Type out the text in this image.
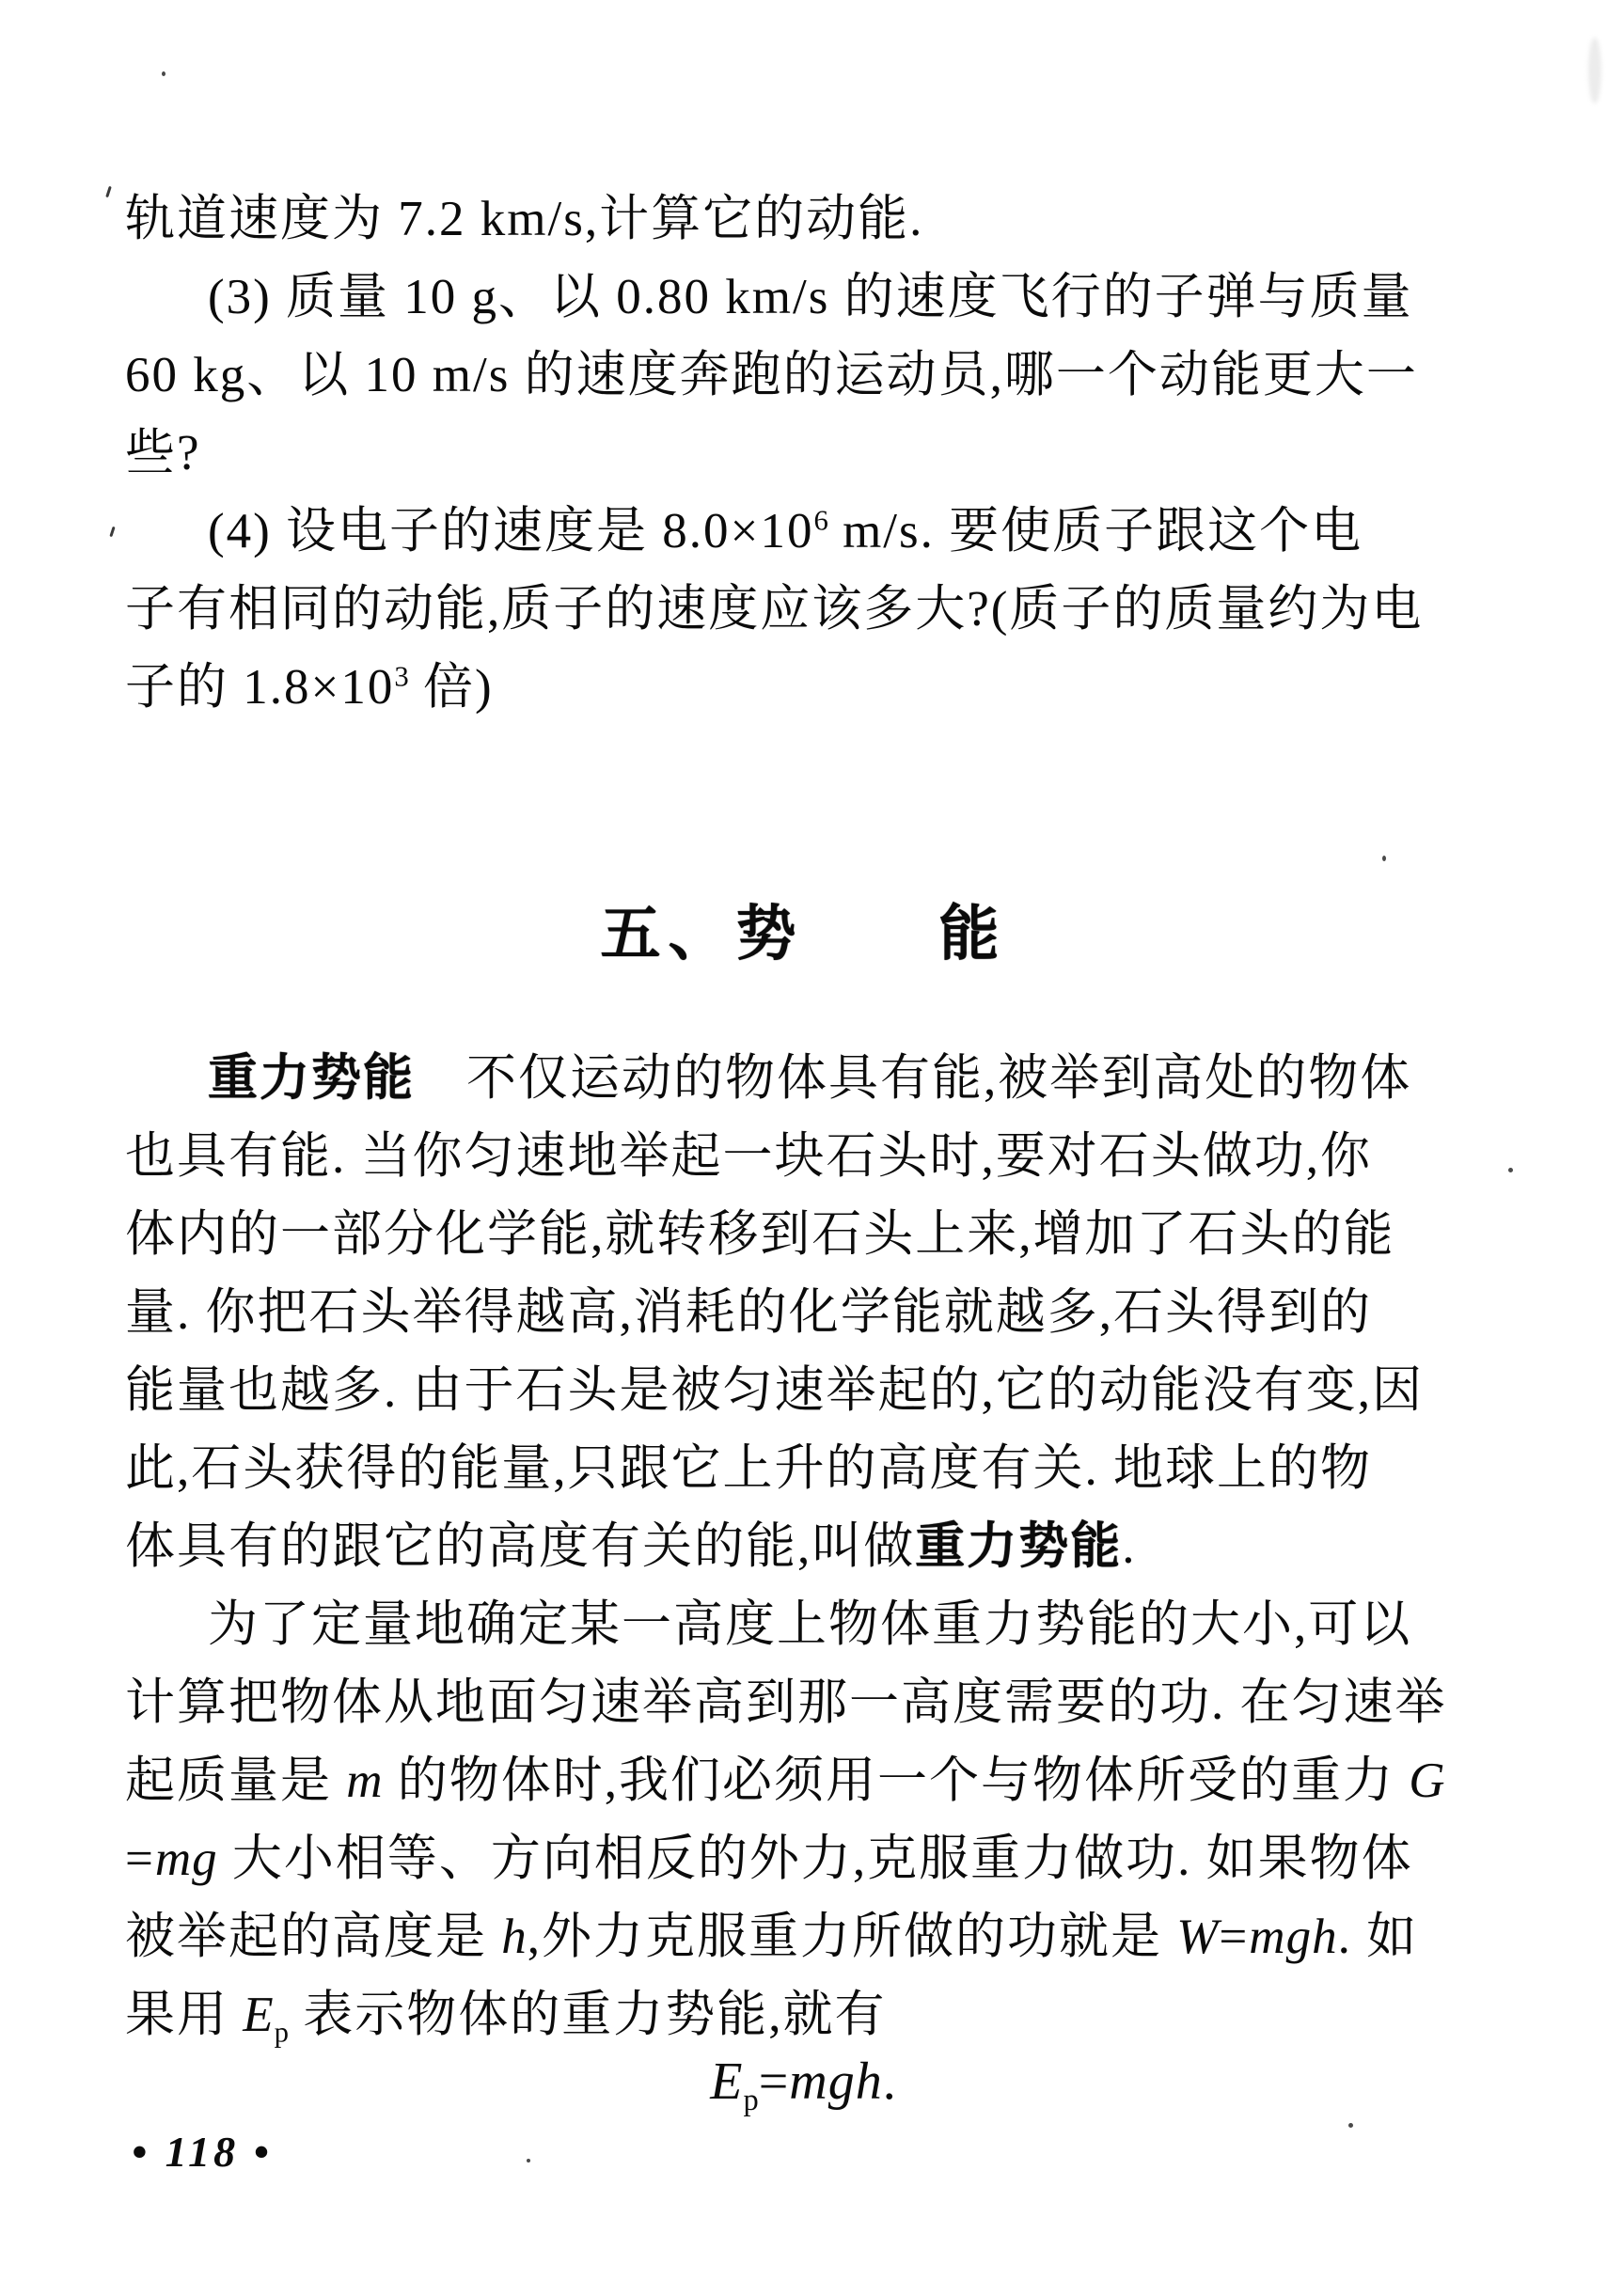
轨道速度为 7.2 km/s,计算它的动能.
(3) 质量 10 g、以 0.80 km/s 的速度飞行的子弹与质量
60 kg、以 10 m/s 的速度奔跑的运动员,哪一个动能更大一
些?
(4) 设电子的速度是 $8.0\times 10^6$ m/s. 要使质子跟这个电
子有相同的动能,质子的速度应该多大?(质子的质量约为电
子的 $1.8\times 10^3$ 倍)
五、势　　能
重力势能　不仅运动的物体具有能,被举到高处的物体
也具有能. 当你匀速地举起一块石头时,要对石头做功,你
体内的一部分化学能,就转移到石头上来,增加了石头的能
量. 你把石头举得越高,消耗的化学能就越多,石头得到的
能量也越多. 由于石头是被匀速举起的,它的动能没有变,因
此,石头获得的能量,只跟它上升的高度有关. 地球上的物
体具有的跟它的高度有关的能,叫做重力势能.
为了定量地确定某一高度上物体重力势能的大小,可以
计算把物体从地面匀速举高到那一高度需要的功. 在匀速举
起质量是 m 的物体时,我们必须用一个与物体所受的重力 G
=mg 大小相等、方向相反的外力,克服重力做功. 如果物体
被举起的高度是 h,外力克服重力所做的功就是 W=mgh. 如
果用 $E_p$ 表示物体的重力势能,就有
$E_p=mgh$.
• 118 •
